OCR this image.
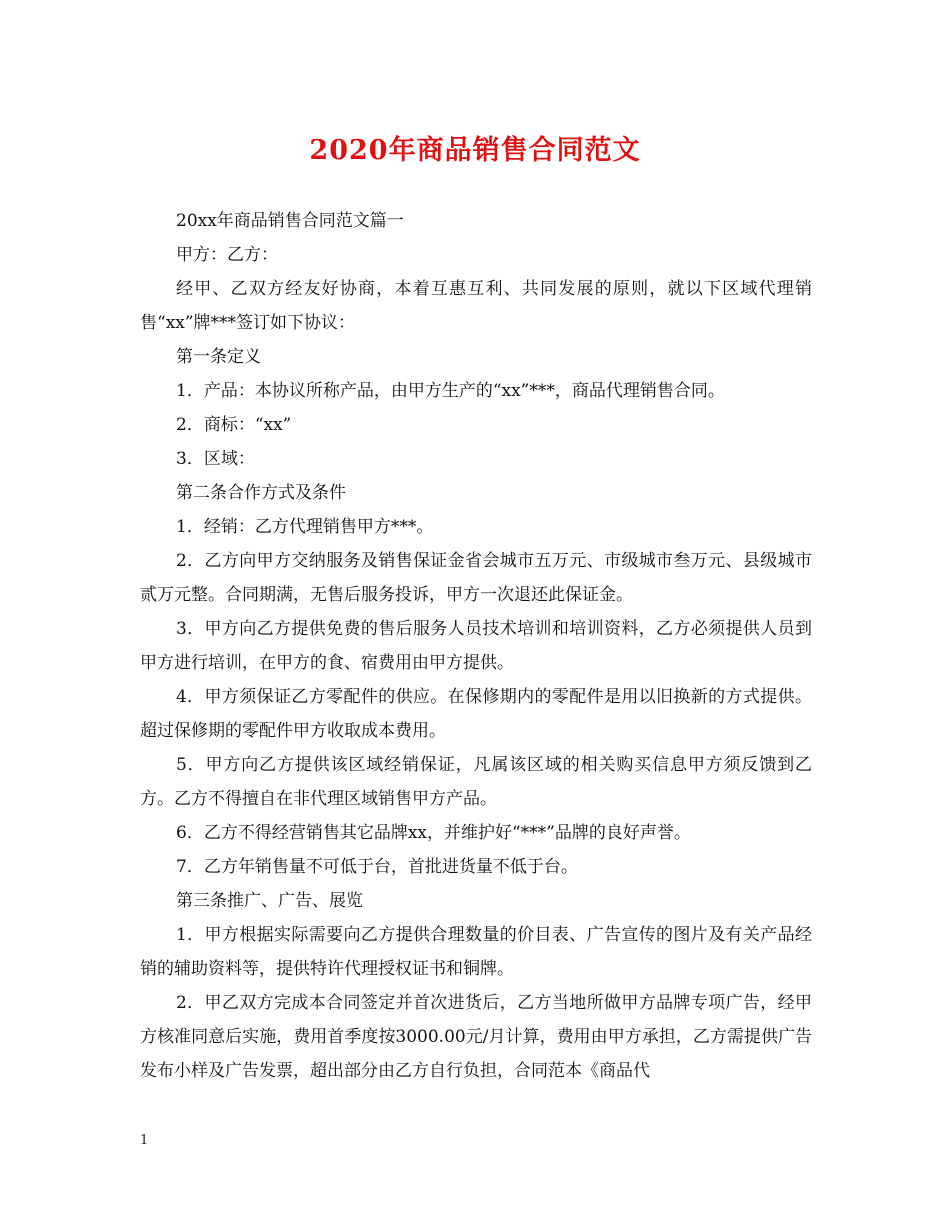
2020年商品销售合同范文

20xx年商品销售合同范文篇一

甲方：乙方：

经甲、乙双方经友好协商，本着互惠互利、共同发展的原则，就以下区域代理销售“xx”牌***签订如下协议：

第一条定义

1．产品：本协议所称产品，由甲方生产的“xx”***，商品代理销售合同。

2．商标：“xx”

3．区域：

第二条合作方式及条件

1．经销：乙方代理销售甲方***。

2．乙方向甲方交纳服务及销售保证金省会城市五万元、市级城市叁万元、县级城市贰万元整。合同期满，无售后服务投诉，甲方一次退还此保证金。

3．甲方向乙方提供免费的售后服务人员技术培训和培训资料，乙方必须提供人员到甲方进行培训，在甲方的食、宿费用由甲方提供。

4．甲方须保证乙方零配件的供应。在保修期内的零配件是用以旧换新的方式提供。超过保修期的零配件甲方收取成本费用。

5．甲方向乙方提供该区域经销保证，凡属该区域的相关购买信息甲方须反馈到乙方。乙方不得擅自在非代理区域销售甲方产品。

6．乙方不得经营销售其它品牌xx，并维护好“***”品牌的良好声誉。

7．乙方年销售量不可低于台，首批进货量不低于台。

第三条推广、广告、展览

1．甲方根据实际需要向乙方提供合理数量的价目表、广告宣传的图片及有关产品经销的辅助资料等，提供特许代理授权证书和铜牌。

2．甲乙双方完成本合同签定并首次进货后，乙方当地所做甲方品牌专项广告，经甲方核准同意后实施，费用首季度按3000.00元/月计算，费用由甲方承担，乙方需提供广告发布小样及广告发票，超出部分由乙方自行负担，合同范本《商品代

1
